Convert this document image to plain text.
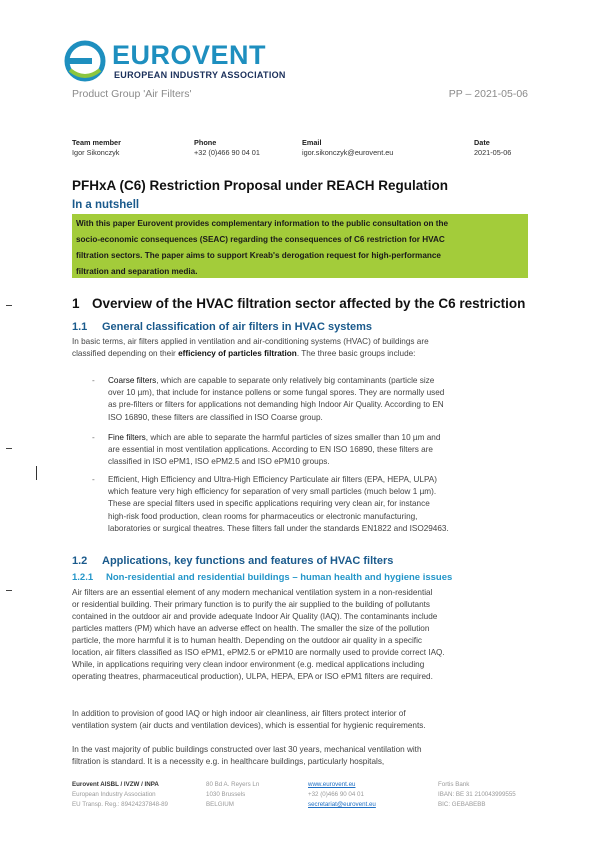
EUROVENT
EUROPEAN INDUSTRY ASSOCIATION
Product Group 'Air Filters'	PP – 2021-05-06
Team member
Igor Sikonczyk
Phone
+32 (0)466 90 04 01
Email
igor.sikonczyk@eurovent.eu
Date
2021-05-06
PFHxA (C6) Restriction Proposal under REACH Regulation
In a nutshell
With this paper Eurovent provides complementary information to the public consultation on the
socio-economic consequences (SEAC) regarding the consequences of C6 restriction for HVAC
filtration sectors. The paper aims to support Kreab's derogation request for high-performance
filtration and separation media.
1 Overview of the HVAC filtration sector affected by the C6 restriction
1.1 General classification of air filters in HVAC systems
In basic terms, air filters applied in ventilation and air-conditioning systems (HVAC) of buildings are
classified depending on their efficiency of particles filtration. The three basic groups include:
- Coarse filters, which are capable to separate only relatively big contaminants (particle size
over 10 µm), that include for instance pollens or some fungal spores. They are normally used
as pre-filters or filters for applications not demanding high Indoor Air Quality. According to EN
ISO 16890, these filters are classified in ISO Coarse group.
- Fine filters, which are able to separate the harmful particles of sizes smaller than 10 µm and
are essential in most ventilation applications. According to EN ISO 16890, these filters are
classified in ISO ePM1, ISO ePM2.5 and ISO ePM10 groups.
- Efficient, High Efficiency and Ultra-High Efficiency Particulate air filters (EPA, HEPA, ULPA)
which feature very high efficiency for separation of very small particles (much below 1 µm).
These are special filters used in specific applications requiring very clean air, for instance
high-risk food production, clean rooms for pharmaceutics or electronic manufacturing,
laboratories or surgical theatres. These filters fall under the standards EN1822 and ISO29463.
1.2 Applications, key functions and features of HVAC filters
1.2.1 Non-residential and residential buildings – human health and hygiene issues
Air filters are an essential element of any modern mechanical ventilation system in a non-residential
or residential building. Their primary function is to purify the air supplied to the building of pollutants
contained in the outdoor air and provide adequate Indoor Air Quality (IAQ). The contaminants include
particles matters (PM) which have an adverse effect on health. The smaller the size of the pollution
particle, the more harmful it is to human health. Depending on the outdoor air quality in a specific
location, air filters classified as ISO ePM1, ePM2.5 or ePM10 are normally used to provide correct IAQ.
While, in applications requiring very clean indoor environment (e.g. medical applications including
operating theatres, pharmaceutical production), ULPA, HEPA, EPA or ISO ePM1 filters are required.
In addition to provision of good IAQ or high indoor air cleanliness, air filters protect interior of
ventilation system (air ducts and ventilation devices), which is essential for hygienic requirements.
In the vast majority of public buildings constructed over last 30 years, mechanical ventilation with
filtration is standard. It is a necessity e.g. in healthcare buildings, particularly hospitals,
Eurovent AISBL / IVZW / INPA
European Industry Association
EU Transp. Reg.: 89424237848-89
80 Bd A. Reyers Ln
1030 Brussels
BELGIUM
www.eurovent.eu
+32 (0)466 90 04 01
secretariat@eurovent.eu
Fortis Bank
IBAN: BE 31 210043999555
BIC: GEBABEBB
